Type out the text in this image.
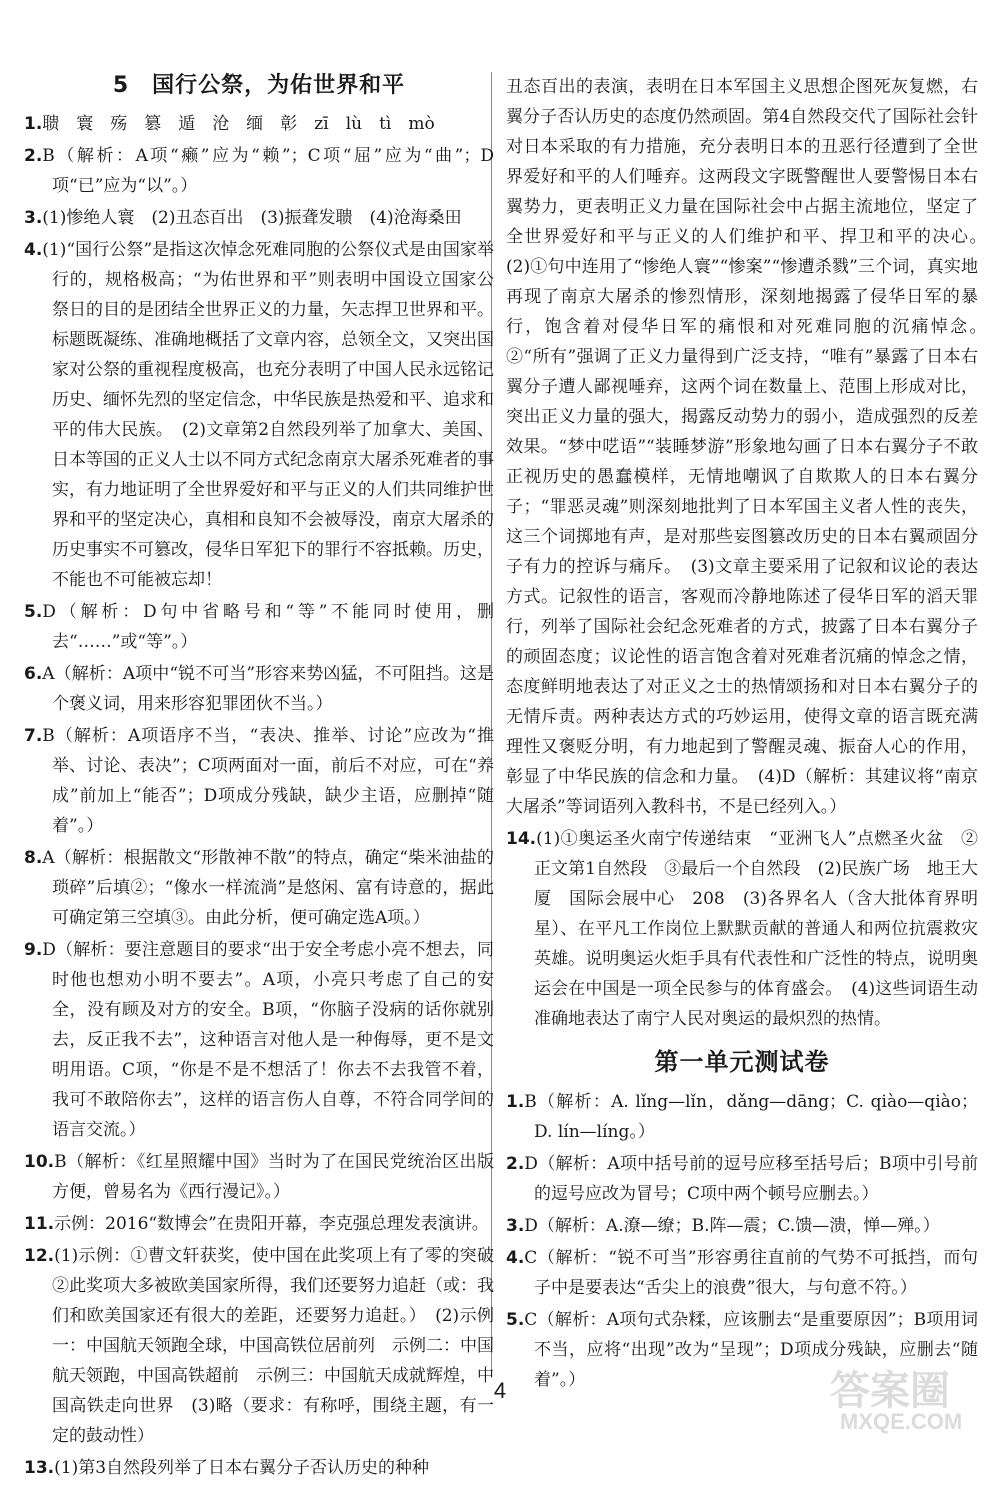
5　国行公祭，为佑世界和平
1.聩　寰　殇　篡　遁　沧　缅　彰　zī　lù　tì　mò
2.B（解析：A项“癞”应为“赖”；C项“屈”应为“曲”；D项“已”应为“以”。）
3.(1)惨绝人寰　(2)丑态百出　(3)振聋发聩　(4)沧海桑田
4.(1)“国行公祭”是指这次悼念死难同胞的公祭仪式是由国家举行的，规格极高；“为佑世界和平”则表明中国设立国家公祭日的目的是团结全世界正义的力量，矢志捍卫世界和平。标题既凝练、准确地概括了文章内容，总领全文，又突出国家对公祭的重视程度极高，也充分表明了中国人民永远铭记历史、缅怀先烈的坚定信念，中华民族是热爱和平、追求和平的伟大民族。　(2)文章第2自然段列举了加拿大、美国、日本等国的正义人士以不同方式纪念南京大屠杀死难者的事实，有力地证明了全世界爱好和平与正义的人们共同维护世界和平的坚定决心，真相和良知不会被辱没，南京大屠杀的历史事实不可篡改，侵华日军犯下的罪行不容抵赖。历史，不能也不可能被忘却！
5.D（解析：D句中省略号和“等”不能同时使用，删去“……”或“等”。）
6.A（解析：A项中“锐不可当”形容来势凶猛，不可阻挡。这是个褒义词，用来形容犯罪团伙不当。）
7.B（解析：A项语序不当，“表决、推举、讨论”应改为“推举、讨论、表决”；C项两面对一面，前后不对应，可在“养成”前加上“能否”；D项成分残缺，缺少主语，应删掉“随着”。）
8.A（解析：根据散文“形散神不散”的特点，确定“柴米油盐的琐碎”后填②；“像水一样流淌”是悠闲、富有诗意的，据此可确定第三空填③。由此分析，便可确定选A项。）
9.D（解析：要注意题目的要求“出于安全考虑小亮不想去，同时他也想劝小明不要去”。A项，小亮只考虑了自己的安全，没有顾及对方的安全。B项，“你脑子没病的话你就别去，反正我不去”，这种语言对他人是一种侮辱，更不是文明用语。C项，“你是不是不想活了！你去不去我管不着，我可不敢陪你去”，这样的语言伤人自尊，不符合同学间的语言交流。）
10.B（解析：《红星照耀中国》当时为了在国民党统治区出版方便，曾易名为《西行漫记》。）
11.示例：2016“数博会”在贵阳开幕，李克强总理发表演讲。
12.(1)示例：①曹文轩获奖，使中国在此奖项上有了零的突破　②此奖项大多被欧美国家所得，我们还要努力追赶（或：我们和欧美国家还有很大的差距，还要努力追赶。）　(2)示例一：中国航天领跑全球，中国高铁位居前列　示例二：中国航天领跑，中国高铁超前　示例三：中国航天成就辉煌，中国高铁走向世界　(3)略（要求：有称呼，围绕主题，有一定的鼓动性）
13.(1)第3自然段列举了日本右翼分子否认历史的种种
丑态百出的表演，表明在日本军国主义思想企图死灰复燃，右翼分子否认历史的态度仍然顽固。第4自然段交代了国际社会针对日本采取的有力措施，充分表明日本的丑恶行径遭到了全世界爱好和平的人们唾弃。这两段文字既警醒世人要警惕日本右翼势力，更表明正义力量在国际社会中占据主流地位，坚定了全世界爱好和平与正义的人们维护和平、捍卫和平的决心。　(2)①句中连用了“惨绝人寰”“惨案”“惨遭杀戮”三个词，真实地再现了南京大屠杀的惨烈情形，深刻地揭露了侵华日军的暴行，饱含着对侵华日军的痛恨和对死难同胞的沉痛悼念。　②“所有”强调了正义力量得到广泛支持，“唯有”暴露了日本右翼分子遭人鄙视唾弃，这两个词在数量上、范围上形成对比，突出正义力量的强大，揭露反动势力的弱小，造成强烈的反差效果。“梦中呓语”“装睡梦游”形象地勾画了日本右翼分子不敢正视历史的愚蠢模样，无情地嘲讽了自欺欺人的日本右翼分子；“罪恶灵魂”则深刻地批判了日本军国主义者人性的丧失，这三个词掷地有声，是对那些妄图篡改历史的日本右翼顽固分子有力的控诉与痛斥。　(3)文章主要采用了记叙和议论的表达方式。记叙性的语言，客观而冷静地陈述了侵华日军的滔天罪行，列举了国际社会纪念死难者的方式，披露了日本右翼分子的顽固态度；议论性的语言饱含着对死难者沉痛的悼念之情，态度鲜明地表达了对正义之士的热情颂扬和对日本右翼分子的无情斥责。两种表达方式的巧妙运用，使得文章的语言既充满理性又褒贬分明，有力地起到了警醒灵魂、振奋人心的作用，彰显了中华民族的信念和力量。　(4)D（解析：其建议将“南京大屠杀”等词语列入教科书，不是已经列入。）
14.(1)①奥运圣火南宁传递结束　“亚洲飞人”点燃圣火盆　②正文第1自然段　③最后一个自然段　(2)民族广场　地王大厦　国际会展中心　208　(3)各界名人（含大批体育界明星）、在平凡工作岗位上默默贡献的普通人和两位抗震救灾英雄。说明奥运火炬手具有代表性和广泛性的特点，说明奥运会在中国是一项全民参与的体育盛会。　(4)这些词语生动准确地表达了南宁人民对奥运的最炽烈的热情。
第一单元测试卷
1.B（解析：A. lǐng—lǐn，dǎng—dāng；C. qiào—qiào；D. lín—líng。）
2.D（解析：A项中括号前的逗号应移至括号后；B项中引号前的逗号应改为冒号；C项中两个顿号应删去。）
3.D（解析：A.潦—缭；B.阵—震；C.馈—溃，惮—殚。）
4.C（解析：“锐不可当”形容勇往直前的气势不可抵挡，而句子中是要表达“舌尖上的浪费”很大，与句意不符。）
5.C（解析：A项句式杂糅，应该删去“是重要原因”；B项用词不当，应将“出现”改为“呈现”；D项成分残缺，应删去“随着”。）
4	答案圈
MXQE.COM
